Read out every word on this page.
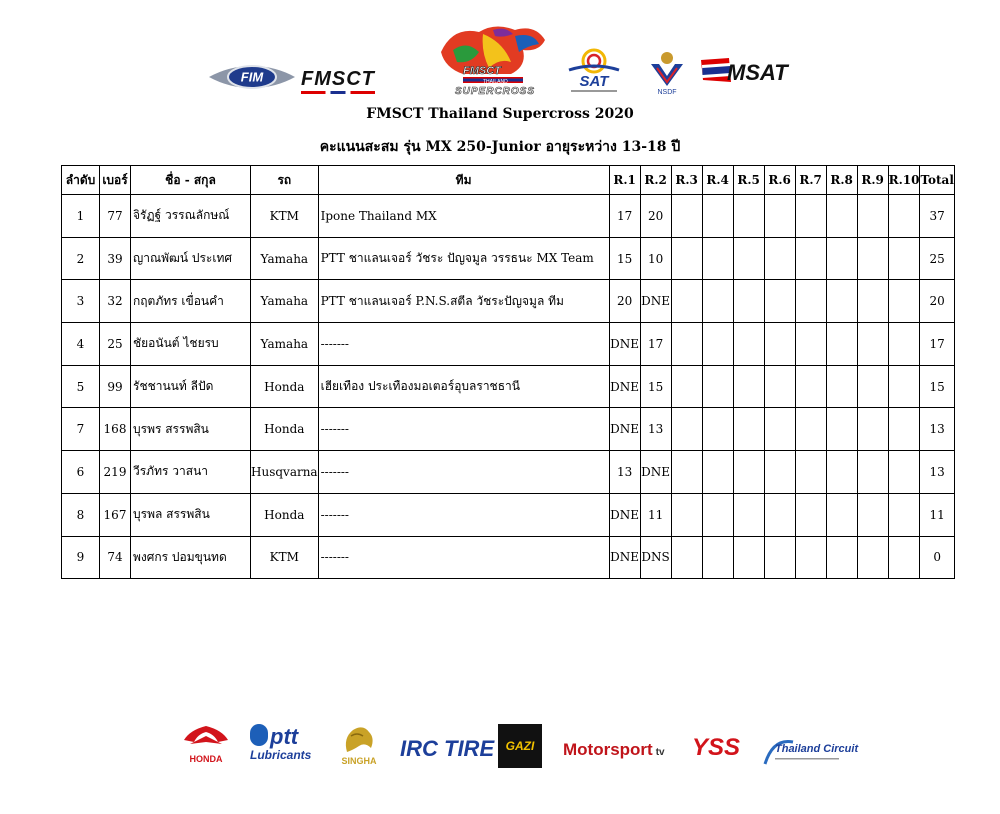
FIM FMSCT	FMSCT
THAILAND
SUPERCROSS
SAT
NSDF
MSAT
FMSCT Thailand Supercross 2020
คะแนนสะสม รุ่น MX 250-Junior อายุระหว่าง 13-18 ปี
ลำดับ	เบอร์	ชื่อ - สกุล	รถ	ทีม	R.1	R.2	R.3	R.4	R.5	R.6	R.7	R.8	R.9	R.10	Total
1	77	จิรัฏฐ์ วรรณลักษณ์	KTM	Ipone Thailand MX	17	20									37
2	39	ญาณพัฒน์ ประเทศ	Yamaha	PTT ชาแลนเจอร์ วัชระ ปัญจมูล วรรธนะ MX Team	15	10									25
3	32	กฤตภัทร เขื่อนคำ	Yamaha	PTT ชาแลนเจอร์ P.N.S.สตีล วัชระปัญจมูล ทีม	20	DNE									20
4	25	ชัยอนันต์ ไชยรบ	Yamaha	-------	DNE	17									17
5	99	รัชชานนท์ ลีปัด	Honda	เฮียเทือง ประเทืองมอเตอร์อุบลราชธานี	DNE	15									15
7	168	บุรพร สรรพสิน	Honda	-------	DNE	13									13
6	219	วีรภัทร วาสนา	Husqvarna	-------	13	DNE									13
8	167	บุรพล สรรพสิน	Honda	-------	DNE	11									11
9	74	พงศกร ปอมขุนทด	KTM	-------	DNE	DNS									0
HONDA
ptt
Lubricants	SINGHA IRC TIRE GAZI	Motorsport tv YSS	Thailand Circuit
